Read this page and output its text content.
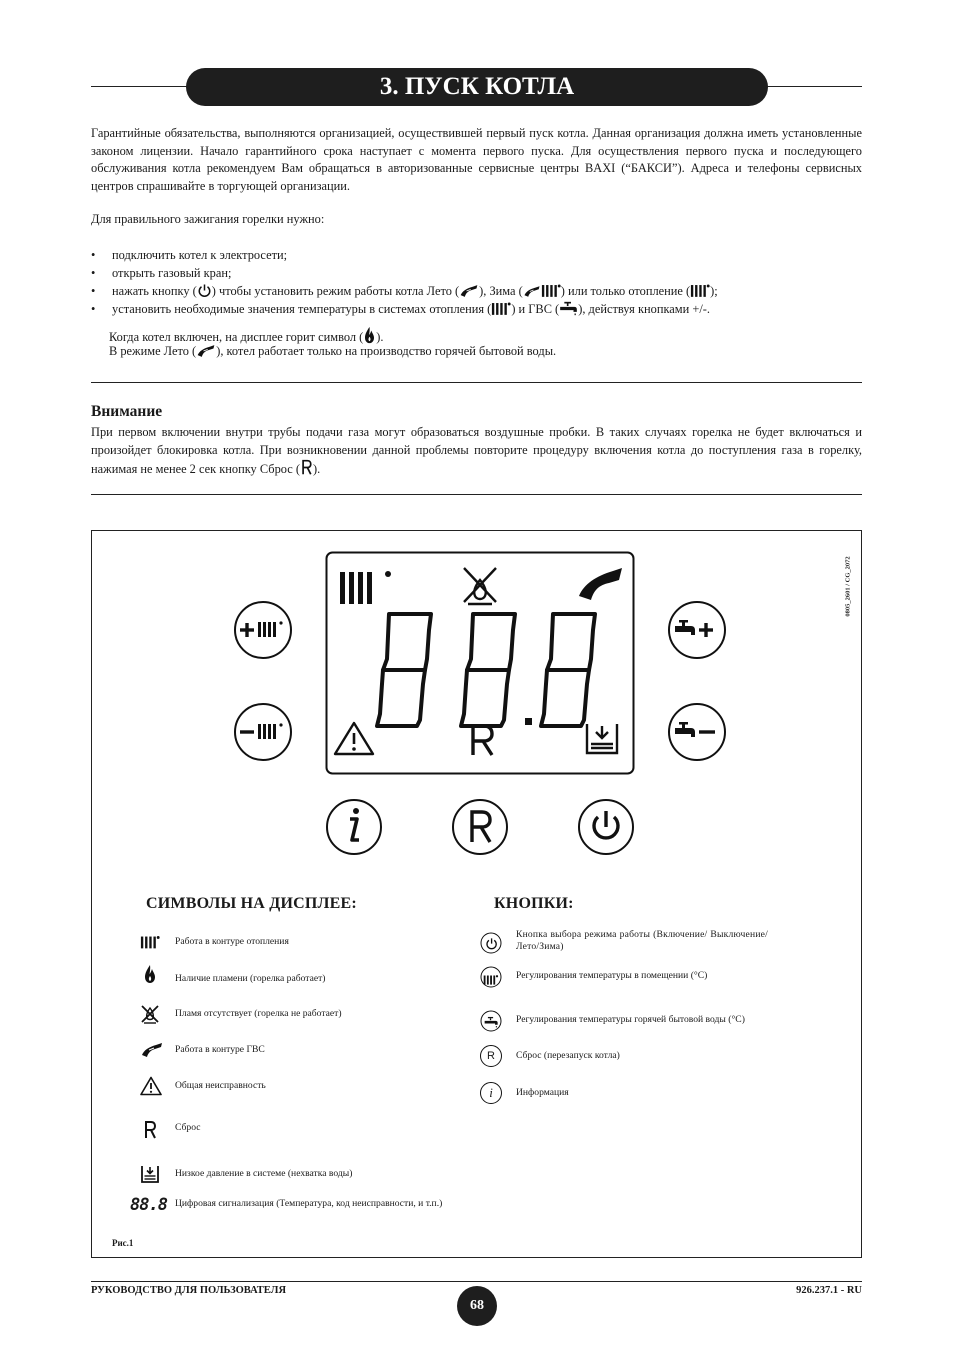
3. ПУСК КОТЛА

Гарантийные обязательства, выполняются организацией, осуществившей первый пуск котла. Данная организация должна иметь установленные законом лицензии. Начало гарантийного срока наступает с момента первого пуска. Для осуществления первого пуска и последующего обслуживания котла рекомендуем Вам обращаться в авторизованные сервисные центры BAXI (“БАКСИ”). Адреса и телефоны сервисных центров спрашивайте в торгующей организации.

Для правильного зажигания горелки нужно:
• подключить котел к электросети;
• открыть газовый кран;
• нажать кнопку ( ) чтобы установить режим работы котла Лето ( ), Зима (	) или только отопление ( );
• установить необходимые значения температуры в системах отопления ( ) и ГВС ( ), действуя кнопками +/-.
Когда котел включен, на дисплее горит символ ( ).
В режиме Лето ( ), котел работает только на производство горячей бытовой воды.
Внимание

При первом включении внутри трубы подачи газа могут образоваться воздушные пробки. В таких случаях горелка не будет включаться и произойдет блокировка котла. При возникновении данной проблемы повторите процедуру включения котла до поступления газа в горелку, нажимая не менее 2 сек кнопку Сброс ( ).

0805_2601 / CG_2072
СИМВОЛЫ НА ДИСПЛЕЕ:	КНОПКИ:
Работа в контуре отопления
Наличие пламени (горелка работает)
Пламя отсутствует (горелка не работает)
Работа в контуре ГВС
Общая неисправность
Сброс
Низкое давление в системе (нехватка воды)
88.8 Цифровая сигнализация (Температура, код неисправности, и т.п.)
Кнопка выбора режима работы (Включение/ Выключение/ Лето/Зима)
Регулирования температуры в помещении (°C)
Регулирования температуры горячей бытовой воды (°C)
R	Сброс (перезапуск котла)
i	Информация
Рис.1
РУКОВОДСТВО ДЛЯ ПОЛЬЗОВАТЕЛЯ
68
926.237.1 - RU
